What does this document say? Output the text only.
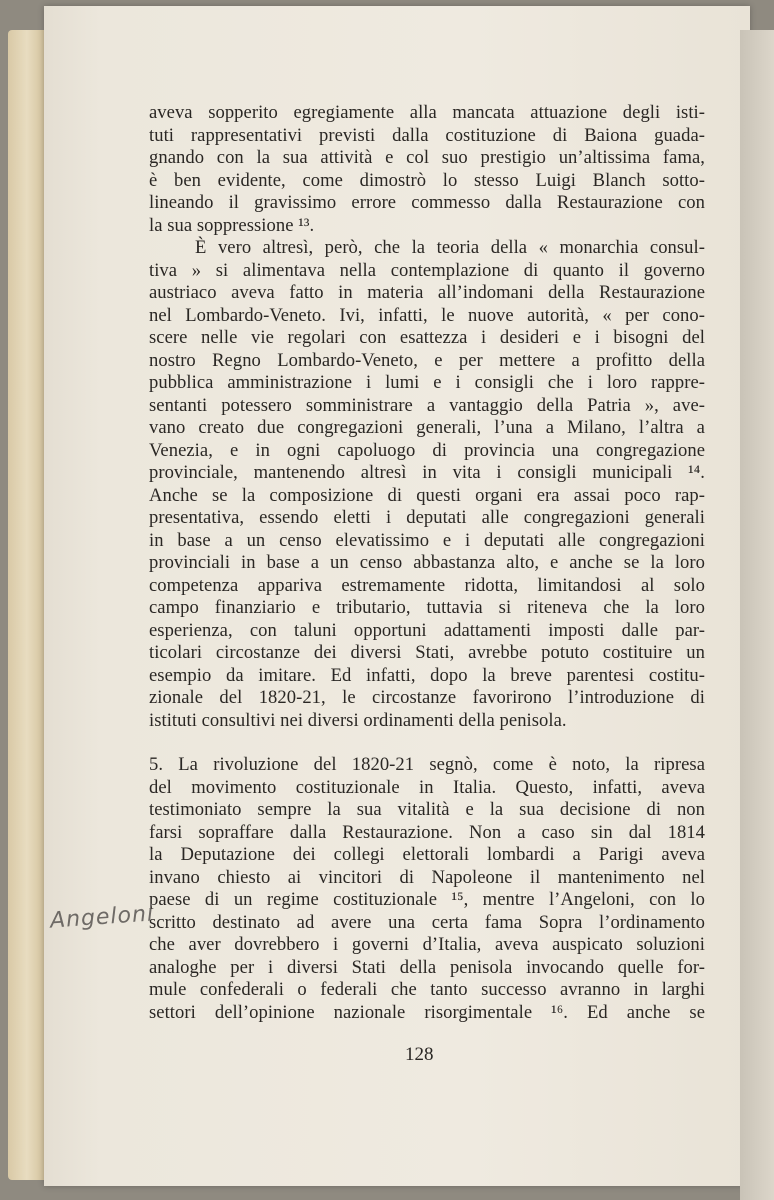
aveva sopperito egregiamente alla mancata attuazione degli isti-
tuti rappresentativi previsti dalla costituzione di Baiona guada-
gnando con la sua attività e col suo prestigio un’altissima fama,
è ben evidente, come dimostrò lo stesso Luigi Blanch sotto-
lineando il gravissimo errore commesso dalla Restaurazione con
la sua soppressione ¹³.
È vero altresì, però, che la teoria della « monarchia consul-
tiva » si alimentava nella contemplazione di quanto il governo
austriaco aveva fatto in materia all’indomani della Restaurazione
nel Lombardo-Veneto. Ivi, infatti, le nuove autorità, « per cono-
scere nelle vie regolari con esattezza i desideri e i bisogni del
nostro Regno Lombardo-Veneto, e per mettere a profitto della
pubblica amministrazione i lumi e i consigli che i loro rappre-
sentanti potessero somministrare a vantaggio della Patria », ave-
vano creato due congregazioni generali, l’una a Milano, l’altra a
Venezia, e in ogni capoluogo di provincia una congregazione
provinciale, mantenendo altresì in vita i consigli municipali ¹⁴.
Anche se la composizione di questi organi era assai poco rap-
presentativa, essendo eletti i deputati alle congregazioni generali
in base a un censo elevatissimo e i deputati alle congregazioni
provinciali in base a un censo abbastanza alto, e anche se la loro
competenza appariva estremamente ridotta, limitandosi al solo
campo finanziario e tributario, tuttavia si riteneva che la loro
esperienza, con taluni opportuni adattamenti imposti dalle par-
ticolari circostanze dei diversi Stati, avrebbe potuto costituire un
esempio da imitare. Ed infatti, dopo la breve parentesi costitu-
zionale del 1820-21, le circostanze favorirono l’introduzione di
istituti consultivi nei diversi ordinamenti della penisola.
5. La rivoluzione del 1820-21 segnò, come è noto, la ripresa
del movimento costituzionale in Italia. Questo, infatti, aveva
testimoniato sempre la sua vitalità e la sua decisione di non
farsi sopraffare dalla Restaurazione. Non a caso sin dal 1814
la Deputazione dei collegi elettorali lombardi a Parigi aveva
invano chiesto ai vincitori di Napoleone il mantenimento nel
paese di un regime costituzionale ¹⁵, mentre l’Angeloni, con lo
scritto destinato ad avere una certa fama Sopra l’ordinamento
che aver dovrebbero i governi d’Italia, aveva auspicato soluzioni
analoghe per i diversi Stati della penisola invocando quelle for-
mule confederali o federali che tanto successo avranno in larghi
settori dell’opinione nazionale risorgimentale ¹⁶. Ed anche se
Angeloni
128
